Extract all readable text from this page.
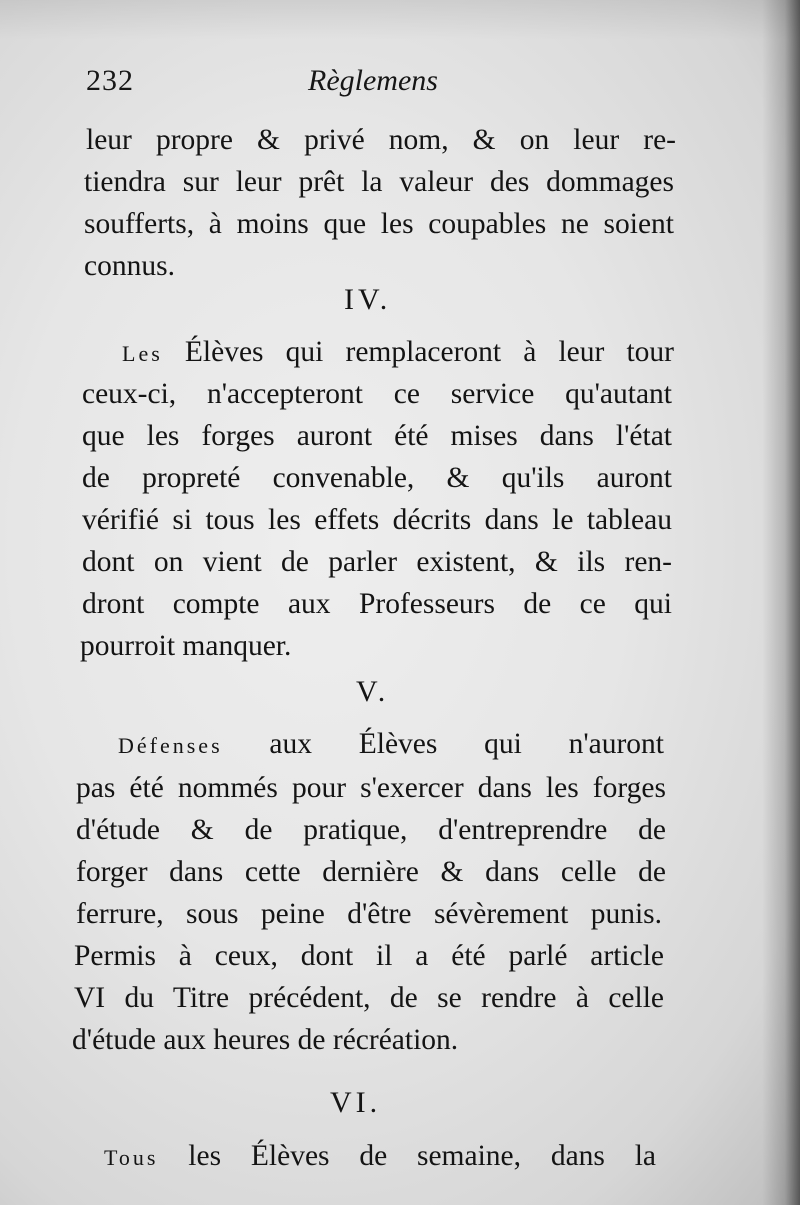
232	Règlemens
leur propre & privé nom, & on leur re-
tiendra sur leur prêt la valeur des dommages
soufferts, à moins que les coupables ne soient
connus.
IV.
Les Élèves qui remplaceront à leur tour
ceux-ci, n'accepteront ce service qu'autant
que les forges auront été mises dans l'état
de propreté convenable, & qu'ils auront
vérifié si tous les effets décrits dans le tableau
dont on vient de parler existent, & ils ren-
dront compte aux Professeurs de ce qui
pourroit manquer.
V.
Défenses aux Élèves qui n'auront
pas été nommés pour s'exercer dans les forges
d'étude & de pratique, d'entreprendre de
forger dans cette dernière & dans celle de
ferrure, sous peine d'être sévèrement punis.
Permis à ceux, dont il a été parlé article
VI du Titre précédent, de se rendre à celle
d'étude aux heures de récréation.
VI.
Tous les Élèves de semaine, dans la
